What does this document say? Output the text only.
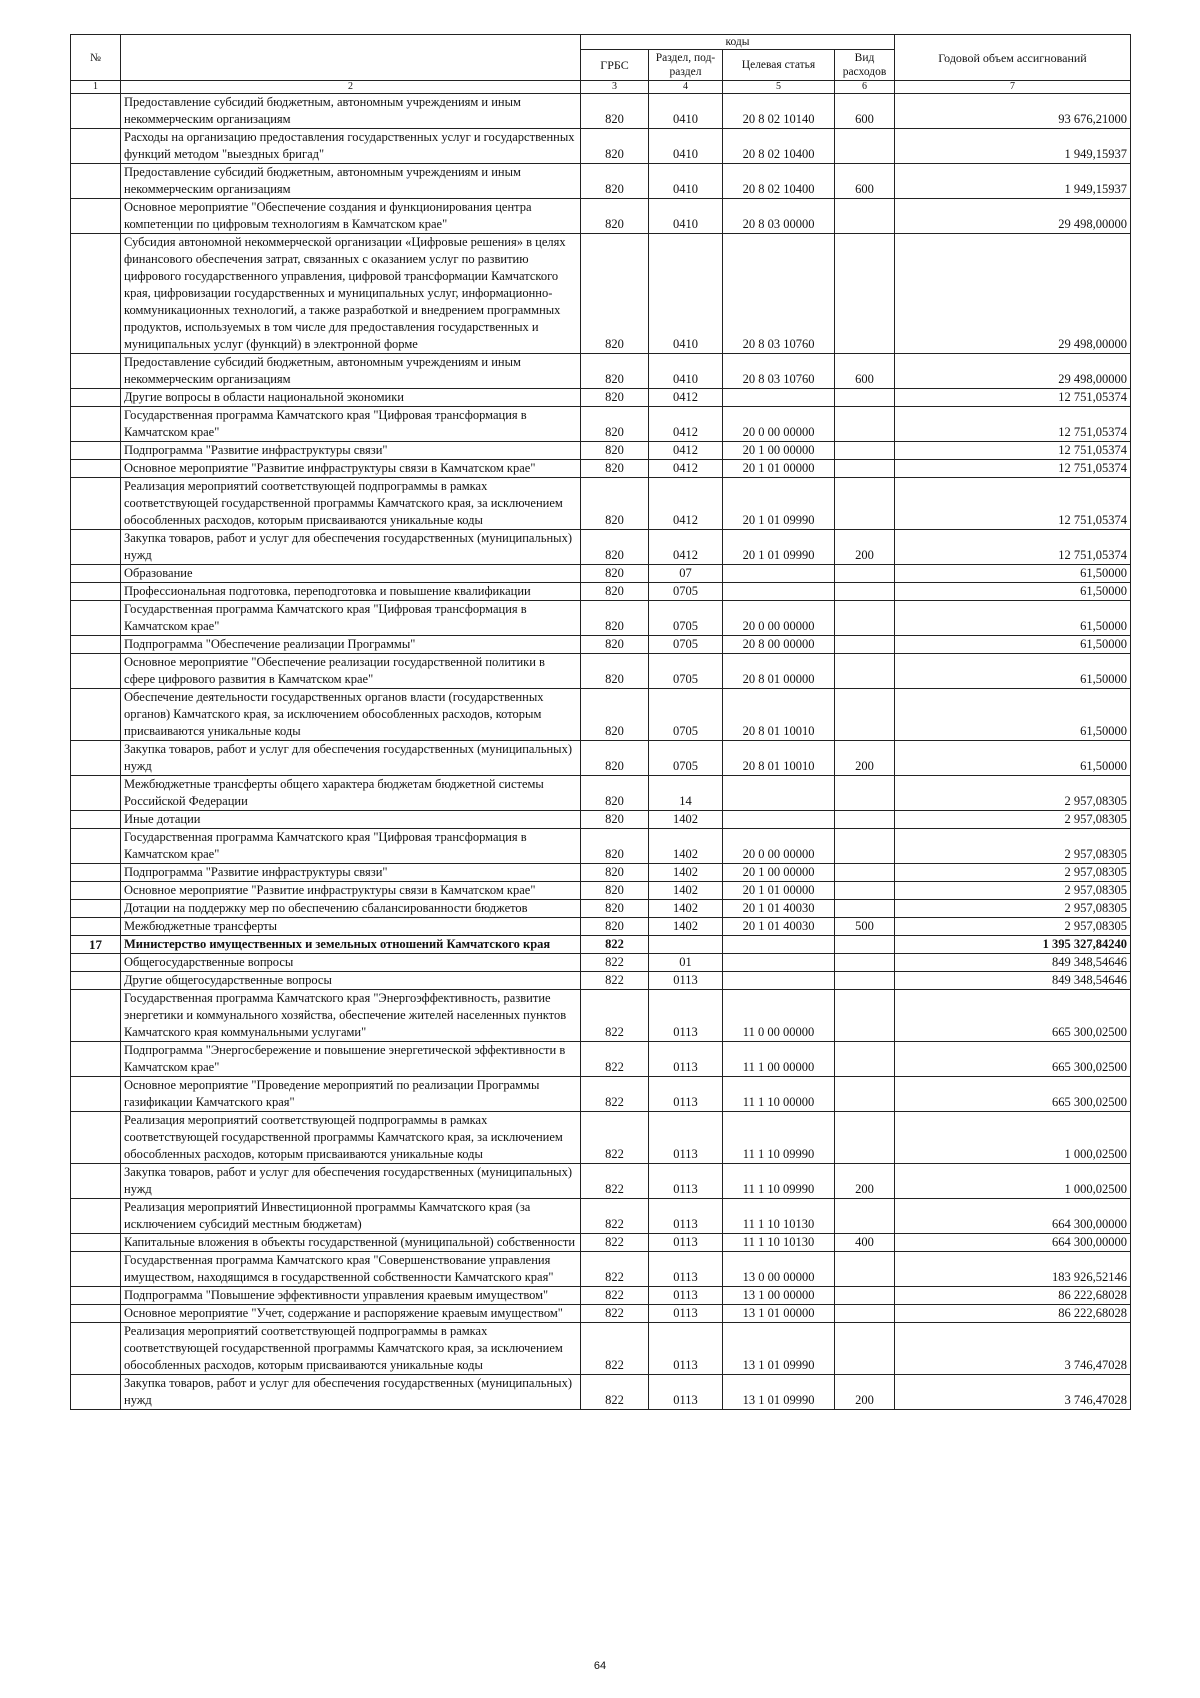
№		коды				Годовой объем ассигнований
		ГРБС	Раздел, под-раздел	Целевая статья	Вид расходов	
1	2	3	4	5	6	7
	Предоставление субсидий бюджетным, автономным учреждениям и иным некоммерческим организациям	820	0410	20 8 02 10140	600	93 676,21000
	Расходы на организацию предоставления государственных услуг и государственных функций методом "выездных бригад"	820	0410	20 8 02 10400		1 949,15937
	Предоставление субсидий бюджетным, автономным учреждениям и иным некоммерческим организациям	820	0410	20 8 02 10400	600	1 949,15937
	Основное мероприятие "Обеспечение создания и функционирования центра компетенции по цифровым технологиям в Камчатском крае"	820	0410	20 8 03 00000		29 498,00000
	Субсидия автономной некоммерческой организации «Цифровые решения» в целях финансового обеспечения затрат, связанных с оказанием услуг по развитию цифрового государственного управления, цифровой трансформации Камчатского края, цифровизации государственных и муниципальных услуг, информационно-коммуникационных технологий, а также разработкой и внедрением программных продуктов, используемых в том числе для предоставления государственных и муниципальных услуг (функций) в электронной форме	820	0410	20 8 03 10760		29 498,00000
	Предоставление субсидий бюджетным, автономным учреждениям и иным некоммерческим организациям	820	0410	20 8 03 10760	600	29 498,00000
	Другие вопросы в области национальной экономики	820	0412			12 751,05374
	Государственная программа Камчатского края "Цифровая трансформация в Камчатском крае"	820	0412	20 0 00 00000		12 751,05374
	Подпрограмма "Развитие инфраструктуры связи"	820	0412	20 1 00 00000		12 751,05374
	Основное мероприятие "Развитие инфраструктуры связи в Камчатском крае"	820	0412	20 1 01 00000		12 751,05374
	Реализация мероприятий соответствующей подпрограммы в рамках соответствующей государственной программы Камчатского края, за исключением обособленных расходов, которым присваиваются уникальные коды	820	0412	20 1 01 09990		12 751,05374
	Закупка товаров, работ и услуг для обеспечения государственных (муниципальных) нужд	820	0412	20 1 01 09990	200	12 751,05374
	Образование	820	07			61,50000
	Профессиональная подготовка, переподготовка и повышение квалификации	820	0705			61,50000
	Государственная программа Камчатского края "Цифровая трансформация в Камчатском крае"	820	0705	20 0 00 00000		61,50000
	Подпрограмма "Обеспечение реализации Программы"	820	0705	20 8 00 00000		61,50000
	Основное мероприятие "Обеспечение реализации государственной политики в сфере цифрового развития в Камчатском крае"	820	0705	20 8 01 00000		61,50000
	Обеспечение деятельности государственных органов власти (государственных органов) Камчатского края, за исключением обособленных расходов, которым присваиваются уникальные коды	820	0705	20 8 01 10010		61,50000
	Закупка товаров, работ и услуг для обеспечения государственных (муниципальных) нужд	820	0705	20 8 01 10010	200	61,50000
	Межбюджетные трансферты общего характера бюджетам бюджетной системы Российской Федерации	820	14			2 957,08305
	Иные дотации	820	1402			2 957,08305
	Государственная программа Камчатского края "Цифровая трансформация в Камчатском крае"	820	1402	20 0 00 00000		2 957,08305
	Подпрограмма "Развитие инфраструктуры связи"	820	1402	20 1 00 00000		2 957,08305
	Основное мероприятие "Развитие инфраструктуры связи в Камчатском крае"	820	1402	20 1 01 00000		2 957,08305
	Дотации на поддержку мер по обеспечению сбалансированности бюджетов	820	1402	20 1 01 40030		2 957,08305
	Межбюджетные трансферты	820	1402	20 1 01 40030	500	2 957,08305
17	Министерство имущественных и земельных отношений Камчатского края	822				1 395 327,84240
	Общегосударственные вопросы	822	01			849 348,54646
	Другие общегосударственные вопросы	822	0113			849 348,54646
	Государственная программа Камчатского края "Энергоэффективность, развитие энергетики и коммунального хозяйства, обеспечение жителей населенных пунктов Камчатского края коммунальными услугами"	822	0113	11 0 00 00000		665 300,02500
	Подпрограмма "Энергосбережение и повышение энергетической эффективности в Камчатском крае"	822	0113	11 1 00 00000		665 300,02500
	Основное мероприятие "Проведение мероприятий по реализации Программы газификации Камчатского края"	822	0113	11 1 10 00000		665 300,02500
	Реализация мероприятий соответствующей подпрограммы в рамках соответствующей государственной программы Камчатского края, за исключением обособленных расходов, которым присваиваются уникальные коды	822	0113	11 1 10 09990		1 000,02500
	Закупка товаров, работ и услуг для обеспечения государственных (муниципальных) нужд	822	0113	11 1 10 09990	200	1 000,02500
	Реализация мероприятий Инвестиционной программы Камчатского края (за исключением субсидий местным бюджетам)	822	0113	11 1 10 10130		664 300,00000
	Капитальные вложения в объекты государственной (муниципальной) собственности	822	0113	11 1 10 10130	400	664 300,00000
	Государственная программа Камчатского края "Совершенствование управления имуществом, находящимся в государственной собственности Камчатского края"	822	0113	13 0 00 00000		183 926,52146
	Подпрограмма "Повышение эффективности управления краевым имуществом"	822	0113	13 1 00 00000		86 222,68028
	Основное мероприятие "Учет, содержание и распоряжение краевым имуществом"	822	0113	13 1 01 00000		86 222,68028
	Реализация мероприятий соответствующей подпрограммы в рамках соответствующей государственной программы Камчатского края, за исключением обособленных расходов, которым присваиваются уникальные коды	822	0113	13 1 01 09990		3 746,47028
	Закупка товаров, работ и услуг для обеспечения государственных (муниципальных) нужд	822	0113	13 1 01 09990	200	3 746,47028
64
